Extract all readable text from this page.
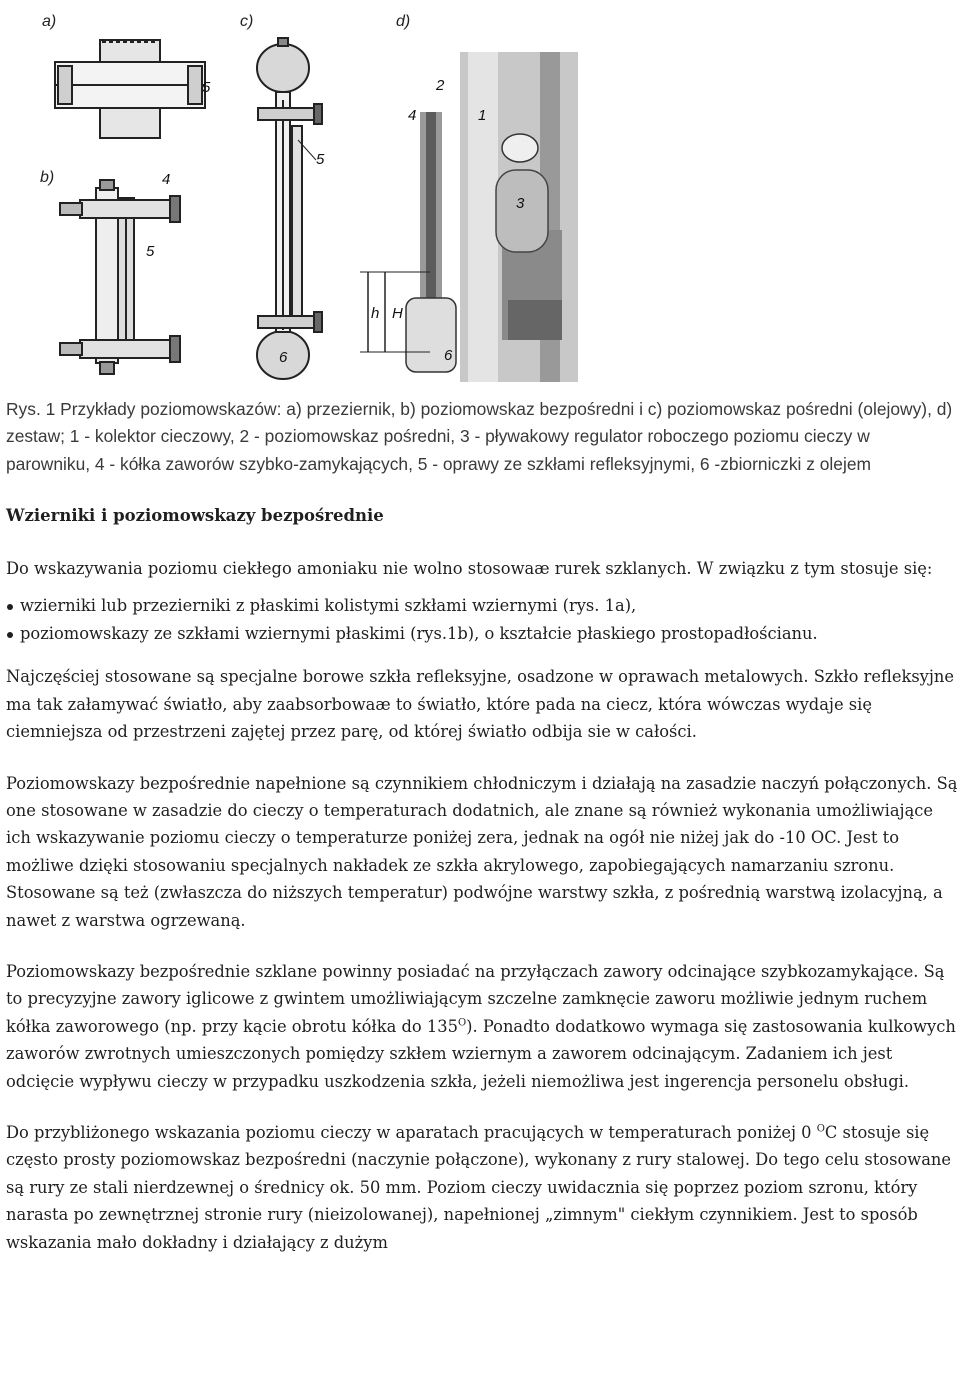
a)	c)	d)
b)
5
4
5
5
6
1
2
3
4
6
H
h

Rys. 1 Przykłady poziomowskazów: a) przeziernik, b) poziomowskaz bezpośredni i c) poziomowskaz pośredni (olejowy), d) zestaw; 1 - kolektor cieczowy, 2 - poziomowskaz pośredni, 3 - pływakowy regulator roboczego poziomu cieczy w parowniku, 4 - kółka zaworów szybko-zamykających, 5 - oprawy ze szkłami refleksyjnymi, 6 -zbiorniczki z olejem

Wzierniki i poziomowskazy bezpośrednie

Do wskazywania poziomu ciekłego amoniaku nie wolno stosowaæ rurek szklanych. W związku z tym stosuje się:

wzierniki lub przezierniki z płaskimi kolistymi szkłami wziernymi (rys. 1a),
poziomowskazy ze szkłami wziernymi płaskimi (rys.1b), o kształcie płaskiego prostopadłościanu.

Najczęściej stosowane są specjalne borowe szkła refleksyjne, osadzone w oprawach metalowych. Szkło refleksyjne ma tak załamywać światło, aby zaabsorbowaæ to światło, które pada na ciecz, która wówczas wydaje się ciemniejsza od przestrzeni zajętej przez parę, od której światło odbija sie w całości.

Poziomowskazy bezpośrednie napełnione są czynnikiem chłodniczym i działają na zasadzie naczyń połączonych. Są one stosowane w zasadzie do cieczy o temperaturach dodatnich, ale znane są również wykonania umożliwiające ich wskazywanie poziomu cieczy o temperaturze poniżej zera, jednak na ogół nie niżej jak do -10 OC. Jest to możliwe dzięki stosowaniu specjalnych nakładek ze szkła akrylowego, zapobiegających namarzaniu szronu. Stosowane są też (zwłaszcza do niższych temperatur) podwójne warstwy szkła, z pośrednią warstwą izolacyjną, a nawet z warstwa ogrzewaną.

Poziomowskazy bezpośrednie szklane powinny posiadać na przyłączach zawory odcinające szybkozamykające. Są to precyzyjne zawory iglicowe z gwintem umożliwiającym szczelne zamknęcie zaworu możliwie jednym ruchem kółka zaworowego (np. przy kącie obrotu kółka do $135^O$). Ponadto dodatkowo wymaga się zastosowania kulkowych zaworów zwrotnych umieszczonych pomiędzy szkłem wziernym a zaworem odcinającym. Zadaniem ich jest odcięcie wypływu cieczy w przypadku uszkodzenia szkła, jeżeli niemożliwa jest ingerencja personelu obsługi.

Do przybliżonego wskazania poziomu cieczy w aparatach pracujących w temperaturach poniżej 0 $^O$C stosuje się często prosty poziomowskaz bezpośredni (naczynie połączone), wykonany z rury stalowej. Do tego celu stosowane są rury ze stali nierdzewnej o średnicy ok. 50 mm. Poziom cieczy uwidacznia się poprzez poziom szronu, który narasta po zewnętrznej stronie rury (nieizolowanej), napełnionej „zimnym" ciekłym czynnikiem. Jest to sposób wskazania mało dokładny i działający z dużym
